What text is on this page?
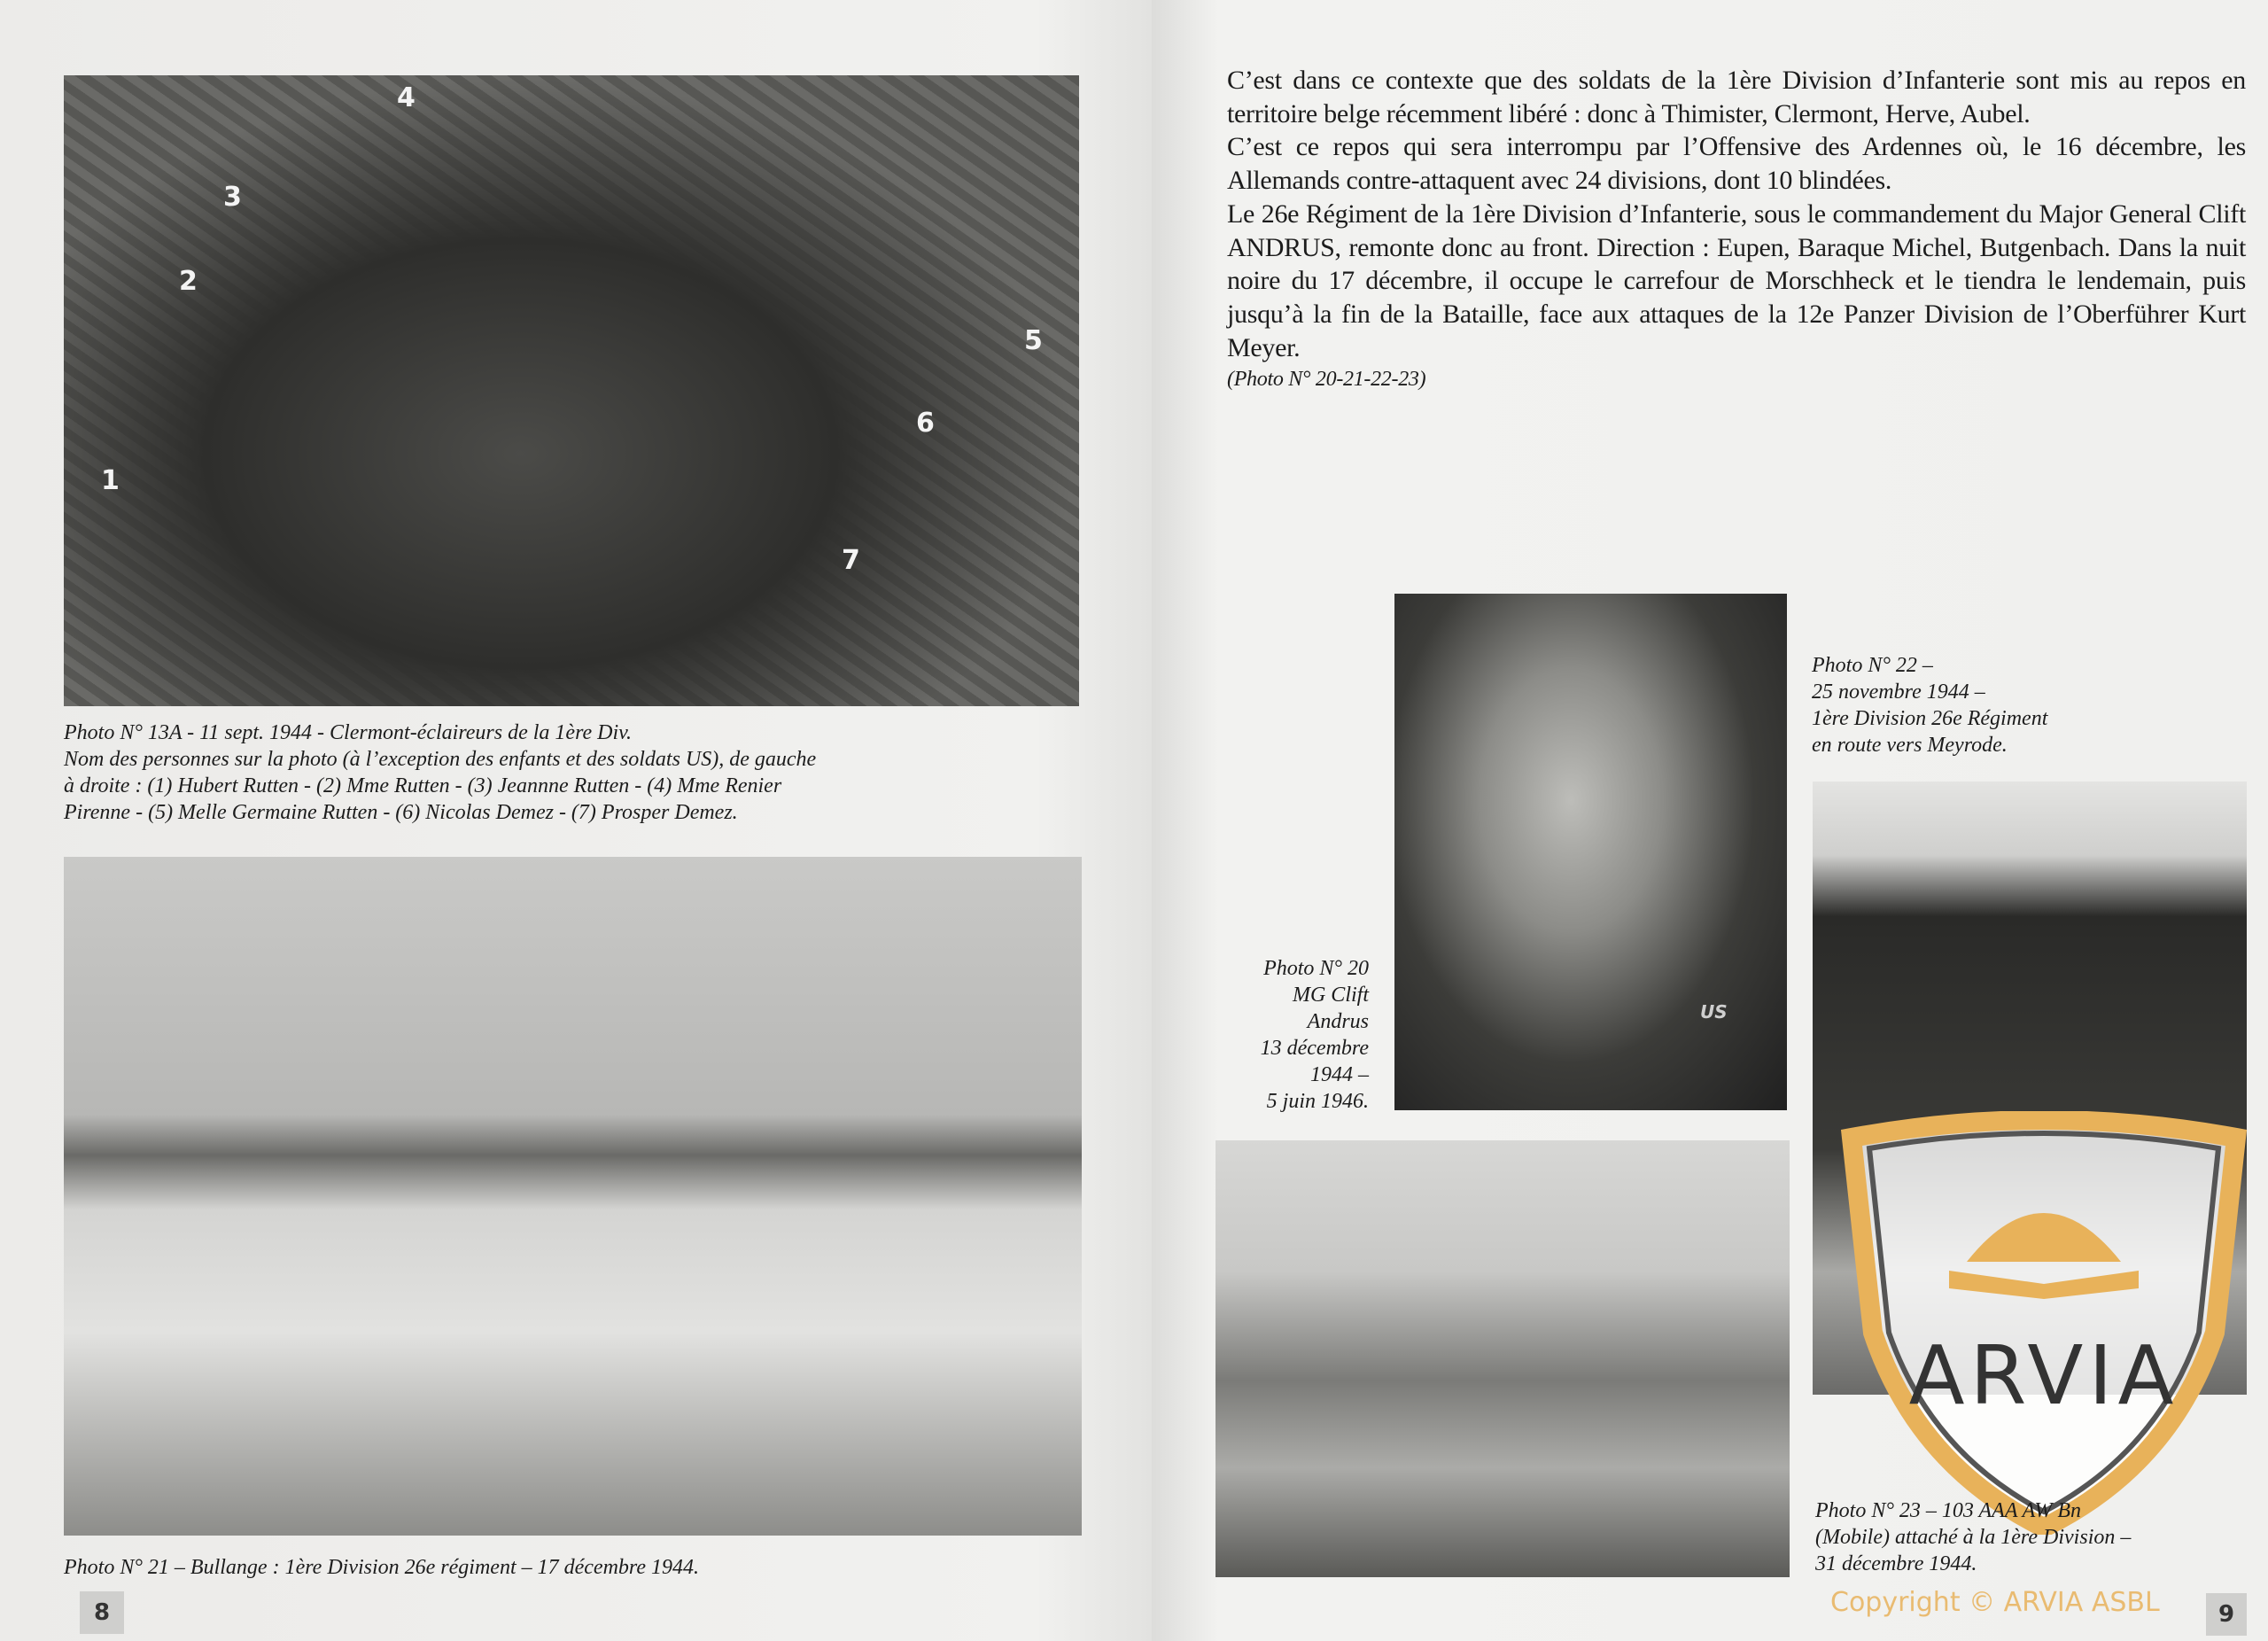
1
2
3
4
5
6
7
Photo N° 13A - 11 sept. 1944 - Clermont-éclaireurs de la 1ère Div.
Nom des personnes sur la photo (à l’exception des enfants et des soldats US), de gauche
à droite : (1) Hubert Rutten - (2) Mme Rutten - (3) Jeannne Rutten - (4) Mme Renier
Pirenne - (5) Melle Germaine Rutten - (6) Nicolas Demez - (7) Prosper Demez.
Photo N° 21 – Bullange : 1ère Division 26e régiment – 17 décembre 1944.
8

C’est dans ce contexte que des soldats de la 1ère Division d’Infanterie sont mis au repos en territoire belge récemment libéré : donc à Thimister, Clermont, Herve, Aubel.

C’est ce repos qui sera interrompu par l’Offensive des Ardennes où, le 16 décembre, les Allemands contre-attaquent avec 24 divisions, dont 10 blindées.

Le 26e Régiment de la 1ère Division d’Infanterie, sous le commandement du Major General Clift ANDRUS, remonte donc au front. Direction : Eupen, Baraque Michel, Butgenbach. Dans la nuit noire du 17 décembre, il occupe le carrefour de Morschheck et le tiendra le lendemain, puis jusqu’à la fin de la Bataille, face aux attaques de la 12e Panzer Division de l’Oberführer Kurt Meyer.

(Photo N° 20-21-22-23)

US
Photo N° 20
MG Clift
Andrus
13 décembre
1944 –
5 juin 1946.
Photo N° 22 –
25 novembre 1944 –
1ère Division 26e Régiment
en route vers Meyrode.
ARVIA
Photo N° 23 – 103 AAA AW Bn
(Mobile) attaché à la 1ère Division –
31 décembre 1944.
Copyright © ARVIA ASBL	9
